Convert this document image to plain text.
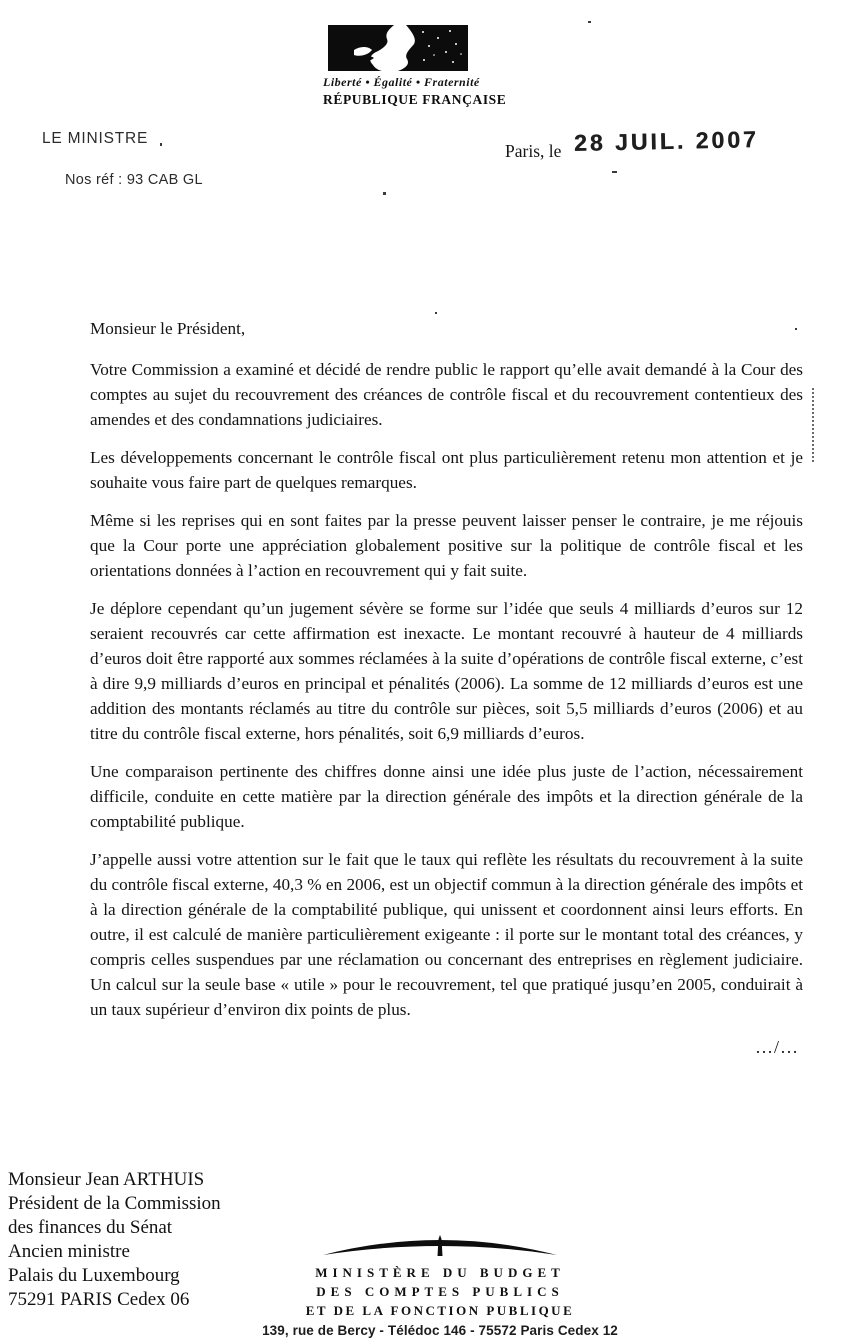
Liberté • Égalité • Fraternité
RÉPUBLIQUE FRANÇAISE
LE MINISTRE
Nos réf : 93 CAB GL
Paris, le 28 JUIL. 2007

Monsieur le Président,

Votre Commission a examiné et décidé de rendre public le rapport qu’elle avait demandé à la Cour des comptes au sujet du recouvrement des créances de contrôle fiscal et du recouvrement contentieux des amendes et des condamnations judiciaires.

Les développements concernant le contrôle fiscal ont plus particulièrement retenu mon attention et je souhaite vous faire part de quelques remarques.

Même si les reprises qui en sont faites par la presse peuvent laisser penser le contraire, je me réjouis que la Cour porte une appréciation globalement positive sur la politique de contrôle fiscal et les orientations données à l’action en recouvrement qui y fait suite.

Je déplore cependant qu’un jugement sévère se forme sur l’idée que seuls 4 milliards d’euros sur 12 seraient recouvrés car cette affirmation est inexacte. Le montant recouvré à hauteur de 4 milliards d’euros doit être rapporté aux sommes réclamées à la suite d’opérations de contrôle fiscal externe, c’est à dire 9,9 milliards d’euros en principal et pénalités (2006). La somme de 12 milliards d’euros est une addition des montants réclamés au titre du contrôle sur pièces, soit 5,5 milliards d’euros (2006) et au titre du contrôle fiscal externe, hors pénalités, soit 6,9 milliards d’euros.

Une comparaison pertinente des chiffres donne ainsi une idée plus juste de l’action, nécessairement difficile, conduite en cette matière par la direction générale des impôts et la direction générale de la comptabilité publique.

J’appelle aussi votre attention sur le fait que le taux qui reflète les résultats du recouvrement à la suite du contrôle fiscal externe, 40,3 % en 2006, est un objectif commun à la direction générale des impôts et à la direction générale de la comptabilité publique, qui unissent et coordonnent ainsi leurs efforts. En outre, il est calculé de manière particulièrement exigeante : il porte sur le montant total des créances, y compris celles suspendues par une réclamation ou concernant des entreprises en règlement judiciaire. Un calcul sur la seule base « utile » pour le recouvrement, tel que pratiqué jusqu’en 2005, conduirait à un taux supérieur d’environ dix points de plus.

…/…
Monsieur Jean ARTHUIS
Président de la Commission
des finances du Sénat
Ancien ministre
Palais du Luxembourg
75291 PARIS Cedex 06
MINISTÈRE DU BUDGET
DES COMPTES PUBLICS
ET DE LA FONCTION PUBLIQUE
139, rue de Bercy - Télédoc 146 - 75572 Paris Cedex 12
